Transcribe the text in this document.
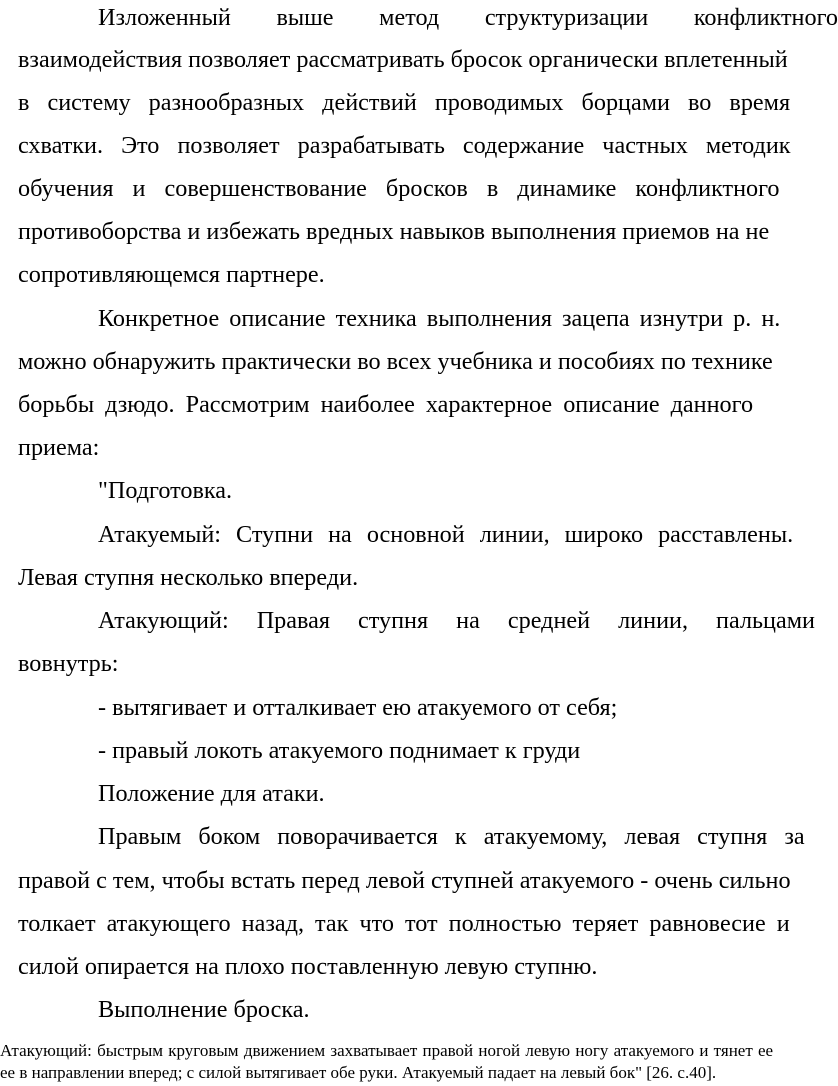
Изложенный выше метод структуризации конфликтного
взаимодействия позволяет рассматривать бросок органически вплетенный
в систему разнообразных действий проводимых борцами во время
схватки. Это позволяет разрабатывать содержание частных методик
обучения и совершенствование бросков в динамике конфликтного
противоборства и избежать вредных навыков выполнения приемов на не
сопротивляющемся партнере.
Конкретное описание техника выполнения зацепа изнутри р. н.
можно обнаружить практически во всех учебника и пособиях по технике
борьбы дзюдо. Рассмотрим наиболее характерное описание данного
приема:
"Подготовка.
Атакуемый: Ступни на основной линии, широко расставлены.
Левая ступня несколько впереди.
Атакующий: Правая ступня на средней линии, пальцами
вовнутрь:
- вытягивает и отталкивает ею атакуемого от себя;
- правый локоть атакуемого поднимает к груди
Положение для атаки.
Правым боком поворачивается к атакуемому, левая ступня за
правой с тем, чтобы встать перед левой ступней атакуемого - очень сильно
толкает атакующего назад, так что тот полностью теряет равновесие и
силой опирается на плохо поставленную левую ступню.
Выполнение броска.
Атакующий: быстрым круговым движением захватывает правой ногой левую ногу атакуемого и тянет ее
ее в направлении вперед; с силой вытягивает обе руки. Атакуемый падает на левый бок" [26. с.40].
